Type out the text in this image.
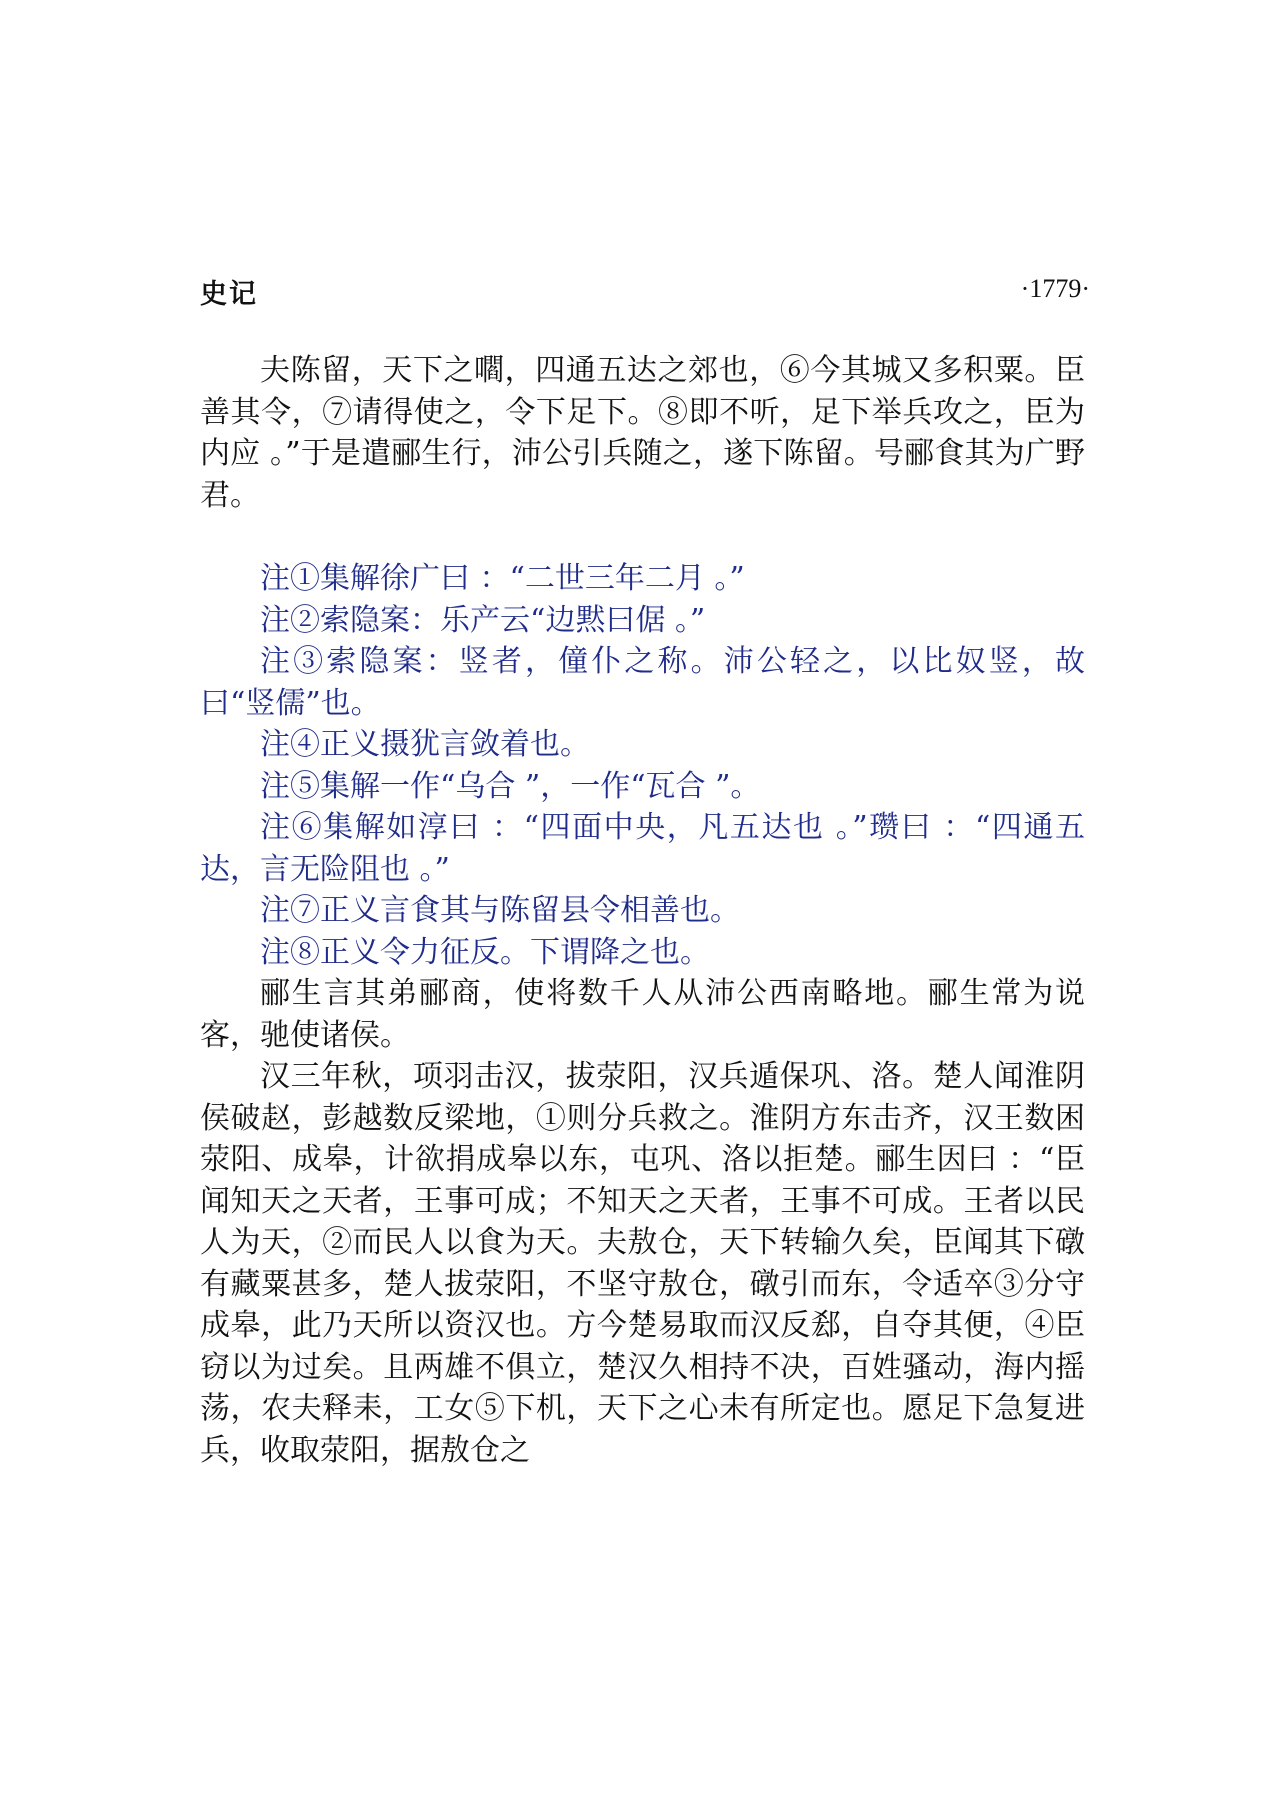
史记	·1779·

夫陈留，天下之嚪，四通五达之郊也，⑥今其城又多积粟。臣善其令，⑦请得使之，令下足下。⑧即不听，足下举兵攻之，臣为内应 。”于是遣郦生行，沛公引兵随之，遂下陈留。号郦食其为广野君。

注①集解徐广曰 ：“二世三年二月 。”

注②索隐案：乐产云“边黙曰倨 。”

注③索隐案：竖者，僮仆之称。沛公轻之，以比奴竖，故曰“竖儒”也。

注④正义摄犹言敛着也。

注⑤集解一作“乌合 ”，一作“瓦合 ”。

注⑥集解如淳曰 ：“四面中央，凡五达也 。”瓒曰 ：“四通五达，言无险阻也 。”

注⑦正义言食其与陈留县令相善也。

注⑧正义令力征反。下谓降之也。

郦生言其弟郦商，使将数千人从沛公西南略地。郦生常为说客，驰使诸侯。

汉三年秋，项羽击汉，拔荥阳，汉兵遁保巩、洛。楚人闻淮阴侯破赵，彭越数反梁地，①则分兵救之。淮阴方东击齐，汉王数困荥阳、成皋，计欲捐成皋以东，屯巩、洛以拒楚。郦生因曰 ：“臣闻知天之天者，王事可成；不知天之天者，王事不可成。王者以民人为天，②而民人以食为天。夫敖仓，天下转输久矣，臣闻其下礅有藏粟甚多，楚人拔荥阳，不坚守敖仓，礅引而东，令适卒③分守成皋，此乃天所以资汉也。方今楚易取而汉反郄，自夺其便，④臣窃以为过矣。且两雄不俱立，楚汉久相持不决，百姓骚动，海内摇荡，农夫释耒，工女⑤下机，天下之心未有所定也。愿足下急复进兵，收取荥阳，据敖仓之
